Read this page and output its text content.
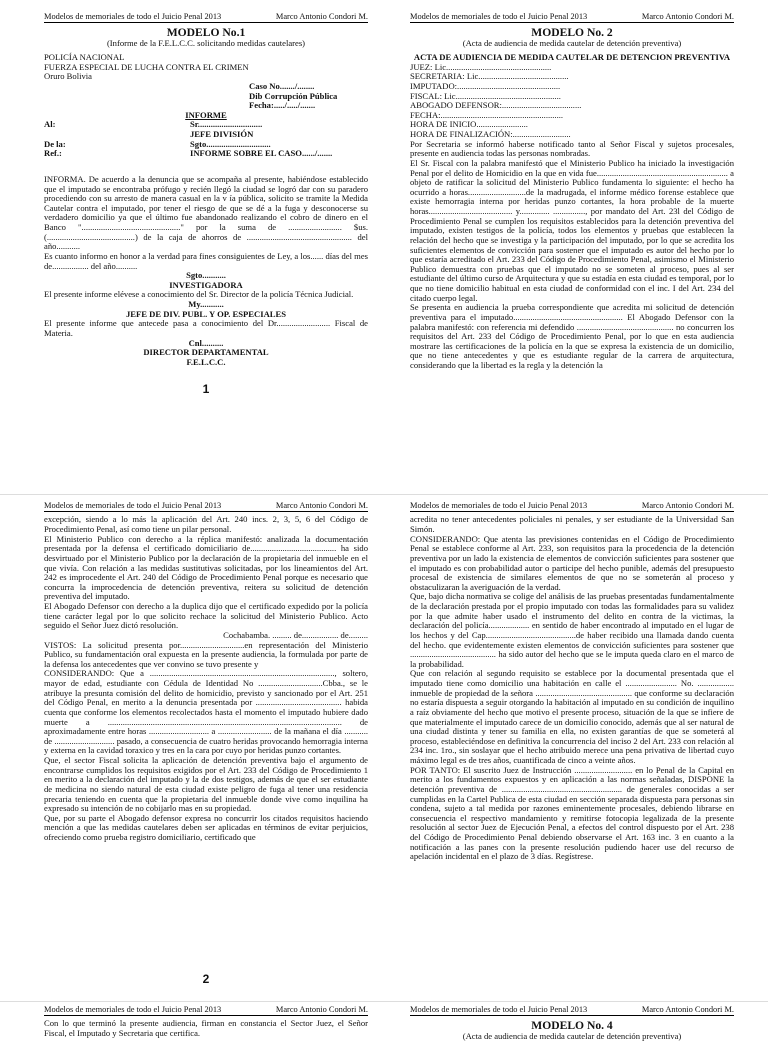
Modelos de memoriales de todo el Juicio Penal 2013	Marco Antonio Condori M.
MODELO No.1
(Informe de la F.E.L.C.C. solicitando medidas cautelares)
POLICÍA NACIONAL
FUERZA ESPECIAL DE LUCHA CONTRA EL CRIMEN
Oruro Bolivia
Caso No......./........
Dib Corrupción Pública
Fecha:...../...../.......
INFORME
Al:	Sr..............................
JEFE DIVISIÓN
De la:	Sgto..............................
Ref.:	INFORME SOBRE EL CASO....../.......

INFORMA. De acuerdo a la denuncia que se acompaña al presente, habiéndose establecido que el imputado se encontraba prófugo y recién llegó la ciudad se logró dar con su paradero procediendo con su arresto de manera casual en la v ía pública, solicito se tramite la Medida Cautelar contra el imputado, por tener el riesgo de que se dé a la fuga y desconocerse su verdadero domicilio ya que el último fue abandonado realizando el cobro de dinero en el Banco ".............................................." por la suma de ......................... $us. (.........................................) de la caja de ahorros de ................................................. del año...........

Es cuanto informo en honor a la verdad para fines consiguientes de Ley, a los...... días del mes de................. del año..........

Sgto...........
INVESTIGADORA

El presente informe elévese a conocimiento del Sr. Director de la policía Técnica Judicial.

My...........
JEFE DE DIV. PUBL. Y OP. ESPECIALES

El presente informe que antecede pasa a conocimiento del Dr......................... Fiscal de Materia.

Cnl..........
DIRECTOR DEPARTAMENTAL
F.E.L.C.C.
1
Modelos de memoriales de todo el Juicio Penal 2013	Marco Antonio Condori M.
MODELO No. 2
(Acta de audiencia de medida cautelar de detención preventiva)
ACTA DE AUDIENCIA DE MEDIDA CAUTELAR DE DETENCION PREVENTIVA
JUEZ: Lic.................................................
SECRETARIA: Lic..........................................
IMPUTADO:................................................
FISCAL: Lic.................................................
ABOGADO DEFENSOR:.....................................
FECHA:.........................................................
HORA DE INICIO........................
HORA DE FINALIZACIÓN:...........................

Por Secretaria se informó haberse notificado tanto al Señor Fiscal y sujetos procesales, presente en audiencia todas las personas nombradas.

El Sr. Fiscal con la palabra manifestó que el Ministerio Publico ha iniciado la investigación Penal por el delito de Homicidio en la que en vida fue............................................................. a objeto de ratificar la solicitud del Ministerio Publico fundamenta lo siguiente: el hecho ha ocurrido a horas...........................de la madrugada, el informe médico forense establece que existe hemorragia interna por heridas punzo cortantes, la hora probable de la muerte horas....................................... y.............. ..............., por mandato del Art. 23l del Código de Procedimiento Penal se cumplen los requisitos establecidos para la detención preventiva del imputado, existen testigos de la policía, todos los elementos y pruebas que establecen la relación del hecho que se investiga y la participación del imputado, por lo que se acredita los suficientes elementos de convicción para sostener que el imputado es autor del hecho por lo que estaría acreditado el Art. 233 del Código de Procedimiento Penal, asimismo el Ministerio Publico demuestra con pruebas que el imputado no se someten al proceso, pues al ser estudiante del último curso de Arquitectura y que su estadía en esta ciudad es temporal, por lo que no tiene domicilio habitual en esta ciudad de conformidad con el inc. I del Art. 234 del citado cuerpo legal.

Se presenta en audiencia la prueba correspondiente que acredita mi solicitud de detención preventiva para el imputado................................................... El Abogado Defensor con la palabra manifestó: con referencia mi defendido ............................................. no concurren los requisitos del Art. 233 del Código de Procedimiento Penal, por lo que en esta audiencia mostrare las certificaciones de la policía en la que se expresa la existencia de un domicilio, que no tiene antecedentes y que es estudiante regular de la carrera de arquitectura, considerando que la libertad es la regla y la detención la

Modelos de memoriales de todo el Juicio Penal 2013	Marco Antonio Condori M.

excepción, siendo a lo más la aplicación del Art. 240 incs. 2, 3, 5, 6 del Código de Procedimiento Penal, así como tiene un pilar personal.

El Ministerio Publico con derecho a la réplica manifestó: analizada la documentación presentada por la defensa el certificado domiciliario de........................................ ha sido desvirtuado por el Ministerio Publico por la declaración de la propietaria del inmueble en el que vivía. Con relación a las medidas sustitutivas solicitadas, por los lineamientos del Art. 242 es improcedente el Art. 240 del Código de Procedimiento Penal porque es necesario que concurra la improcedencia de detención preventiva, reitera su solicitud de detención preventiva del imputado.

El Abogado Defensor con derecho a la duplica dijo que el certificado expedido por la policía tiene carácter legal por lo que solicito rechace la solicitud del Ministerio Publico. Acto seguido el Señor Juez dictó resolución.

Cochabamba. ......... de................. de.........

VISTOS: La solicitud presenta por..............................en representación del Ministerio Publico, su fundamentación oral expuesta en la presente audiencia, la formulada por parte de la defensa los antecedentes que ver convino se tuvo presente y

CONSIDERANDO: Que a ......................................................................................, soltero, mayor de edad, estudiante con Cédula de Identidad No ..............................Cbba., se le atribuye la presunta comisión del delito de homicidio, previsto y sancionado por el Art. 251 del Código Penal, en merito a la denuncia presentada por ........................................ habida cuenta que conforme los elementos recolectados hasta el momento el imputado hubiere dado muerte a ............................................................................................................. de aproximadamente entre horas ............................ a ......................... de la mañana el día ........... de ............................ pasado, a consecuencia de cuatro heridas provocando hemorragia interna y externa en la cavidad toraxico y tres en la cara por cuyo por heridas punzo cortantes.

Que, el sector Fiscal solicita la aplicación de detención preventiva bajo el argumento de encontrarse cumplidos los requisitos exigidos por el Art. 233 del Código de Procedimiento 1 en merito a la declaración del imputado y la de dos testigos, además de que el ser estudiante de medicina no siendo natural de esta ciudad existe peligro de fuga al tener una residencia precaria teniendo en cuenta que la propietaria del inmueble donde vive como inquilina ha expresado su intención de no cobijarlo mas en su propiedad.

Que, por su parte el Abogado defensor expresa no concurrir los citados requisitos haciendo mención a que las medidas cautelares deben ser aplicadas en términos de evitar perjuicios, ofreciendo como prueba registro domiciliario, certificado que

2
Modelos de memoriales de todo el Juicio Penal 2013	Marco Antonio Condori M.

acredita no tener antecedentes policiales ni penales, y ser estudiante de la Universidad San Simón.

CONSIDERANDO: Que atenta las previsiones contenidas en el Código de Procedimiento Penal se establece conforme al Art. 233, son requisitos para la procedencia de la detención preventiva por un lado la existencia de elementos de convicción suficientes para sostener que el imputado es con probabilidad autor o participe del hecho punible, además del presupuesto procesal de existencia de similares elementos de que no se someterán al proceso y obstaculizaran la averiguación de la verdad.

Que, bajo dicha normativa se colige del análisis de las pruebas presentadas fundamentalmente de la declaración prestada por el propio imputado con todas las formalidades para su validez por la que admite haber usado el instrumento del delito en contra de la victimas, la declaración del policía................... en sentido de haber encontrado al imputado en el lugar de los hechos y del Cap..........................................de haber recibido una llamada dando cuenta del hecho. que evidentemente existen elementos de convicción suficientes para sostener que ........................................ ha sido autor del hecho que se le imputa queda claro en el marco de la probabilidad.

Que con relación al segundo requisito se establece por la documental presentada que el imputado tiene como domicilio una habitación en calle el ........................ No. ................. inmueble de propiedad de la señora ............................................. que conforme su declaración no estaría dispuesta a seguir otorgando la habitación al imputado en su condición de inquilino a raíz obviamente del hecho que motivo el presente proceso, situación de la que se infiere de que materialmente el imputado carece de un domicilio conocido, además que al ser natural de una ciudad distinta y tener su familia en ella, no existen garantías de que se someterá al proceso, estableciéndose en definitiva la concurrencia del inciso 2 del Art. 233 con relación al 234 inc. 1ro., sin soslayar que el hecho atribuido merece una pena privativa de libertad cuyo máximo legal es de tres años, cuantificada de cinco a veinte años.

POR TANTO: El suscrito Juez de Instrucción ........................... en lo Penal de la Capital en merito a los fundamentos expuestos y en aplicación a las normas señaladas, DISPONE la detención preventiva de ........................................................ de generales conocidas a ser cumplidas en la Cartel Publica de esta ciudad en sección separada dispuesta para personas sin condena, sujeto a tal medida por razones eminentemente procesales, debiendo librarse en consecuencia el respectivo mandamiento y remitirse fotocopia legalizada de la presente resolución al sector Juez de Ejecución Penal, a efectos del control dispuesto por el Art. 238 del Código de Procedimiento Penal debiendo observarse el Art. 163 inc. 3 en cuanto a la notificación a las panes con la presente resolución pudiendo hacer use del recurso de apelación incidental en el plazo de 3 días. Regístrese.

Modelos de memoriales de todo el Juicio Penal 2013	Marco Antonio Condori M.

Con lo que terminó la presente audiencia, firman en constancia el Sector Juez, el Señor Fiscal, el Imputado y Secretaria que certifica.

Modelos de memoriales de todo el Juicio Penal 2013	Marco Antonio Condori M.
MODELO No. 4
(Acta de audiencia de medida cautelar de detención preventiva)
